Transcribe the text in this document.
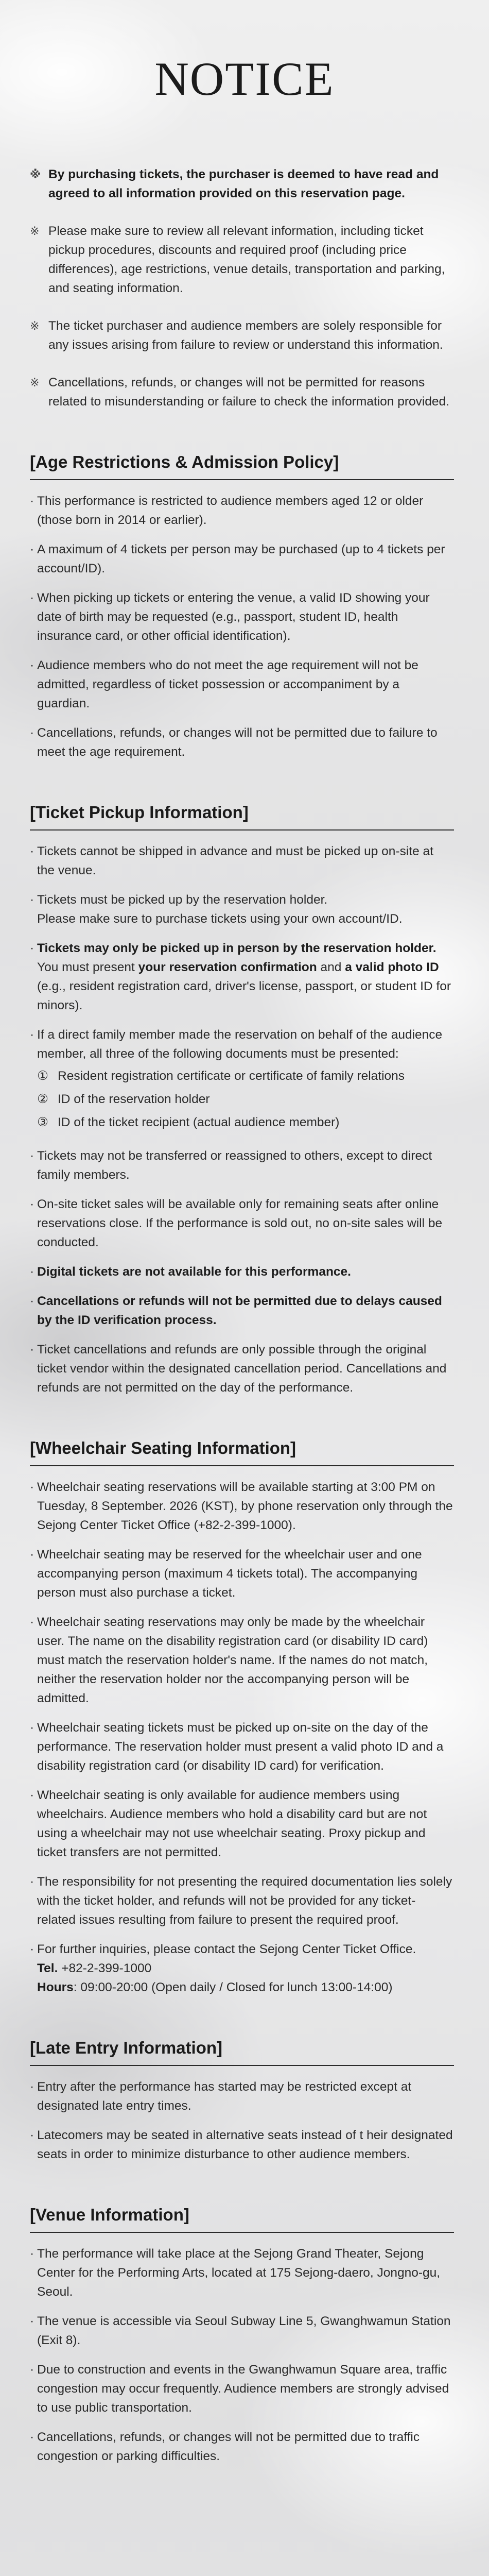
NOTICE
※ By purchasing tickets, the purchaser is deemed to have read and agreed to all information provided on this reservation page.
※ Please make sure to review all relevant information, including ticket pickup procedures, discounts and required proof (including price differences), age restrictions, venue details, transportation and parking, and seating information.
※ The ticket purchaser and audience members are solely responsible for any issues arising from failure to review or understand this information.
※ Cancellations, refunds, or changes will not be permitted for reasons related to misunderstanding or failure to check the information provided.
[Age Restrictions & Admission Policy]
· This performance is restricted to audience members aged 12 or older (those born in 2014 or earlier).
· A maximum of 4 tickets per person may be purchased (up to 4 tickets per account/ID).
· When picking up tickets or entering the venue, a valid ID showing your date of birth may be requested (e.g., passport, student ID, health insurance card, or other official identification).
· Audience members who do not meet the age requirement will not be admitted, regardless of ticket possession or accompaniment by a guardian.
· Cancellations, refunds, or changes will not be permitted due to failure to meet the age requirement.
[Ticket Pickup Information]
· Tickets cannot be shipped in advance and must be picked up on-site at the venue.
· Tickets must be picked up by the reservation holder.
Please make sure to purchase tickets using your own account/ID.
· Tickets may only be picked up in person by the reservation holder. You must present your reservation confirmation and a valid photo ID (e.g., resident registration card, driver's license, passport, or student ID for minors).
· If a direct family member made the reservation on behalf of the audience member, all three of the following documents must be presented:
① Resident registration certificate or certificate of family relations
② ID of the reservation holder
③ ID of the ticket recipient (actual audience member)
· Tickets may not be transferred or reassigned to others, except to direct family members.
· On-site ticket sales will be available only for remaining seats after online reservations close. If the performance is sold out, no on-site sales will be conducted.
· Digital tickets are not available for this performance.
· Cancellations or refunds will not be permitted due to delays caused by the ID verification process.
· Ticket cancellations and refunds are only possible through the original ticket vendor within the designated cancellation period. Cancellations and refunds are not permitted on the day of the performance.
[Wheelchair Seating Information]
· Wheelchair seating reservations will be available starting at 3:00 PM on Tuesday, 8 September. 2026 (KST), by phone reservation only through the Sejong Center Ticket Office (+82-2-399-1000).
· Wheelchair seating may be reserved for the wheelchair user and one accompanying person (maximum 4 tickets total). The accompanying person must also purchase a ticket.
· Wheelchair seating reservations may only be made by the wheelchair user. The name on the disability registration card (or disability ID card) must match the reservation holder's name. If the names do not match, neither the reservation holder nor the accompanying person will be admitted.
· Wheelchair seating tickets must be picked up on-site on the day of the performance. The reservation holder must present a valid photo ID and a disability registration card (or disability ID card) for verification.
· Wheelchair seating is only available for audience members using wheelchairs. Audience members who hold a disability card but are not using a wheelchair may not use wheelchair seating. Proxy pickup and ticket transfers are not permitted.
· The responsibility for not presenting the required documentation lies solely with the ticket holder, and refunds will not be provided for any ticket-related issues resulting from failure to present the required proof.
· For further inquiries, please contact the Sejong Center Ticket Office.
Tel. +82-2-399-1000
Hours: 09:00-20:00 (Open daily / Closed for lunch 13:00-14:00)
[Late Entry Information]
· Entry after the performance has started may be restricted except at designated late entry times.
· Latecomers may be seated in alternative seats instead of t heir designated seats in order to minimize disturbance to other audience members.
[Venue Information]
· The performance will take place at the Sejong Grand Theater, Sejong Center for the Performing Arts, located at 175 Sejong-daero, Jongno-gu, Seoul.
· The venue is accessible via Seoul Subway Line 5, Gwanghwamun Station (Exit 8).
· Due to construction and events in the Gwanghwamun Square area, traffic congestion may occur frequently. Audience members are strongly advised to use public transportation.
· Cancellations, refunds, or changes will not be permitted due to traffic congestion or parking difficulties.
